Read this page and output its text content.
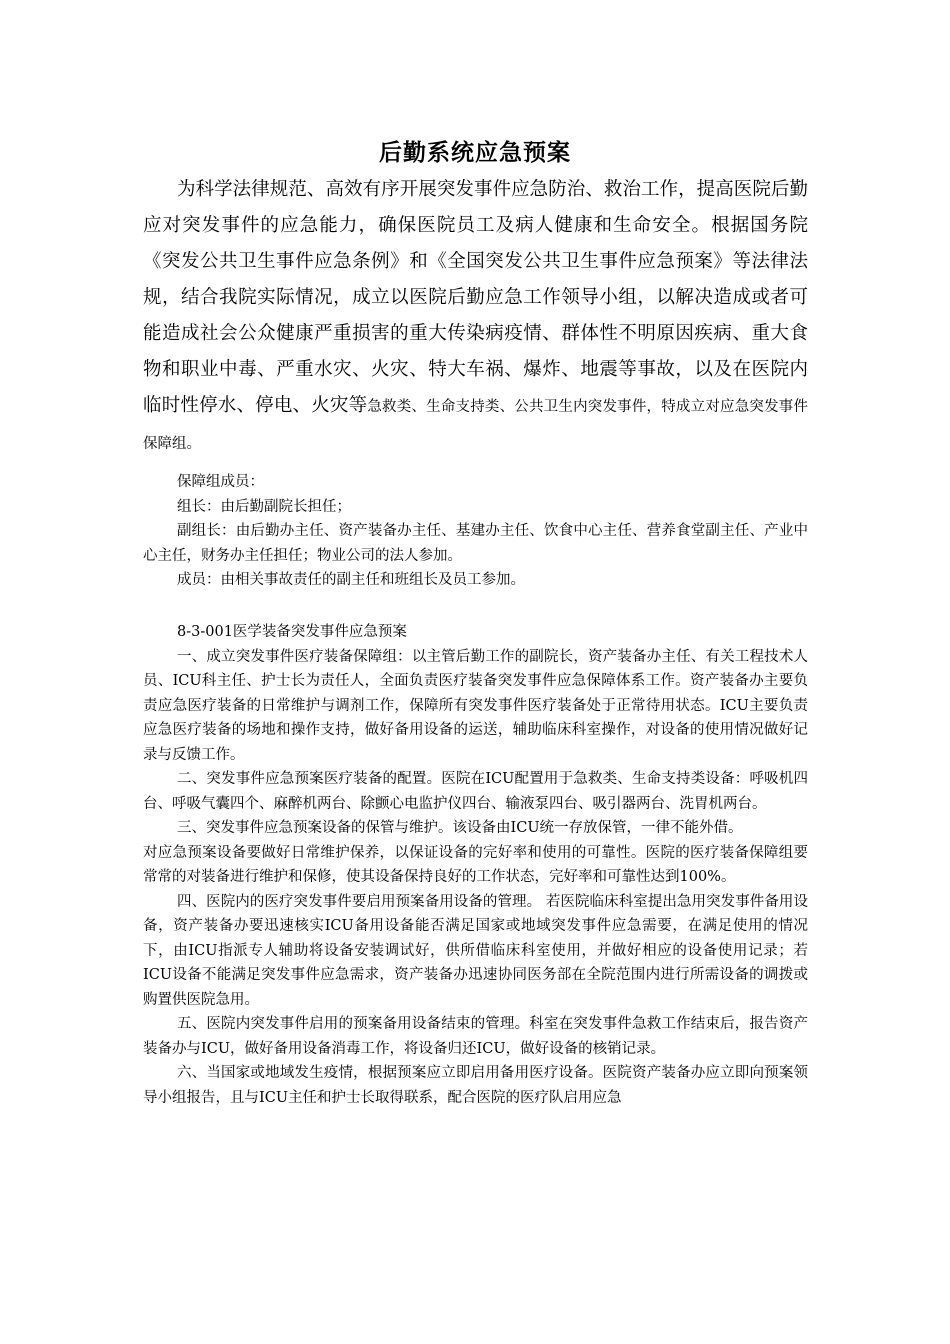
后勤系统应急预案

为科学法律规范、高效有序开展突发事件应急防治、救治工作，提高医院后勤应对突发事件的应急能力，确保医院员工及病人健康和生命安全。根据国务院《突发公共卫生事件应急条例》和《全国突发公共卫生事件应急预案》等法律法规，结合我院实际情况，成立以医院后勤应急工作领导小组，以解决造成或者可能造成社会公众健康严重损害的重大传染病疫情、群体性不明原因疾病、重大食物和职业中毒、严重水灾、火灾、特大车祸、爆炸、地震等事故，以及在医院内临时性停水、停电、火灾等急救类、生命支持类、公共卫生内突发事件，特成立对应急突发事件保障组。

保障组成员：

组长：由后勤副院长担任；

副组长：由后勤办主任、资产装备办主任、基建办主任、饮食中心主任、营养食堂副主任、产业中心主任，财务办主任担任；物业公司的法人参加。

成员：由相关事故责任的副主任和班组长及员工参加。

8-3-001医学装备突发事件应急预案

一、成立突发事件医疗装备保障组：以主管后勤工作的副院长，资产装备办主任、有关工程技术人员、ICU科主任、护士长为责任人，全面负责医疗装备突发事件应急保障体系工作。资产装备办主要负责应急医疗装备的日常维护与调剂工作，保障所有突发事件医疗装备处于正常待用状态。ICU主要负责应急医疗装备的场地和操作支持，做好备用设备的运送，辅助临床科室操作，对设备的使用情况做好记录与反馈工作。

二、突发事件应急预案医疗装备的配置。医院在ICU配置用于急救类、生命支持类设备：呼吸机四台、呼吸气囊四个、麻醉机两台、除颤心电监护仪四台、输液泵四台、吸引器两台、洗胃机两台。

三、突发事件应急预案设备的保管与维护。该设备由ICU统一存放保管，一律不能外借。

对应急预案设备要做好日常维护保养，以保证设备的完好率和使用的可靠性。医院的医疗装备保障组要常常的对装备进行维护和保修，使其设备保持良好的工作状态，完好率和可靠性达到100%。

四、医院内的医疗突发事件要启用预案备用设备的管理。 若医院临床科室提出急用突发事件备用设备，资产装备办要迅速核实ICU备用设备能否满足国家或地域突发事件应急需要，在满足使用的情况下，由ICU指派专人辅助将设备安装调试好，供所借临床科室使用，并做好相应的设备使用记录；若ICU设备不能满足突发事件应急需求，资产装备办迅速协同医务部在全院范围内进行所需设备的调拨或购置供医院急用。

五、医院内突发事件启用的预案备用设备结束的管理。科室在突发事件急救工作结束后，报告资产装备办与ICU，做好备用设备消毒工作，将设备归还ICU，做好设备的核销记录。

六、当国家或地域发生疫情，根据预案应立即启用备用医疗设备。医院资产装备办应立即向预案领导小组报告，且与ICU主任和护士长取得联系，配合医院的医疗队启用应急
